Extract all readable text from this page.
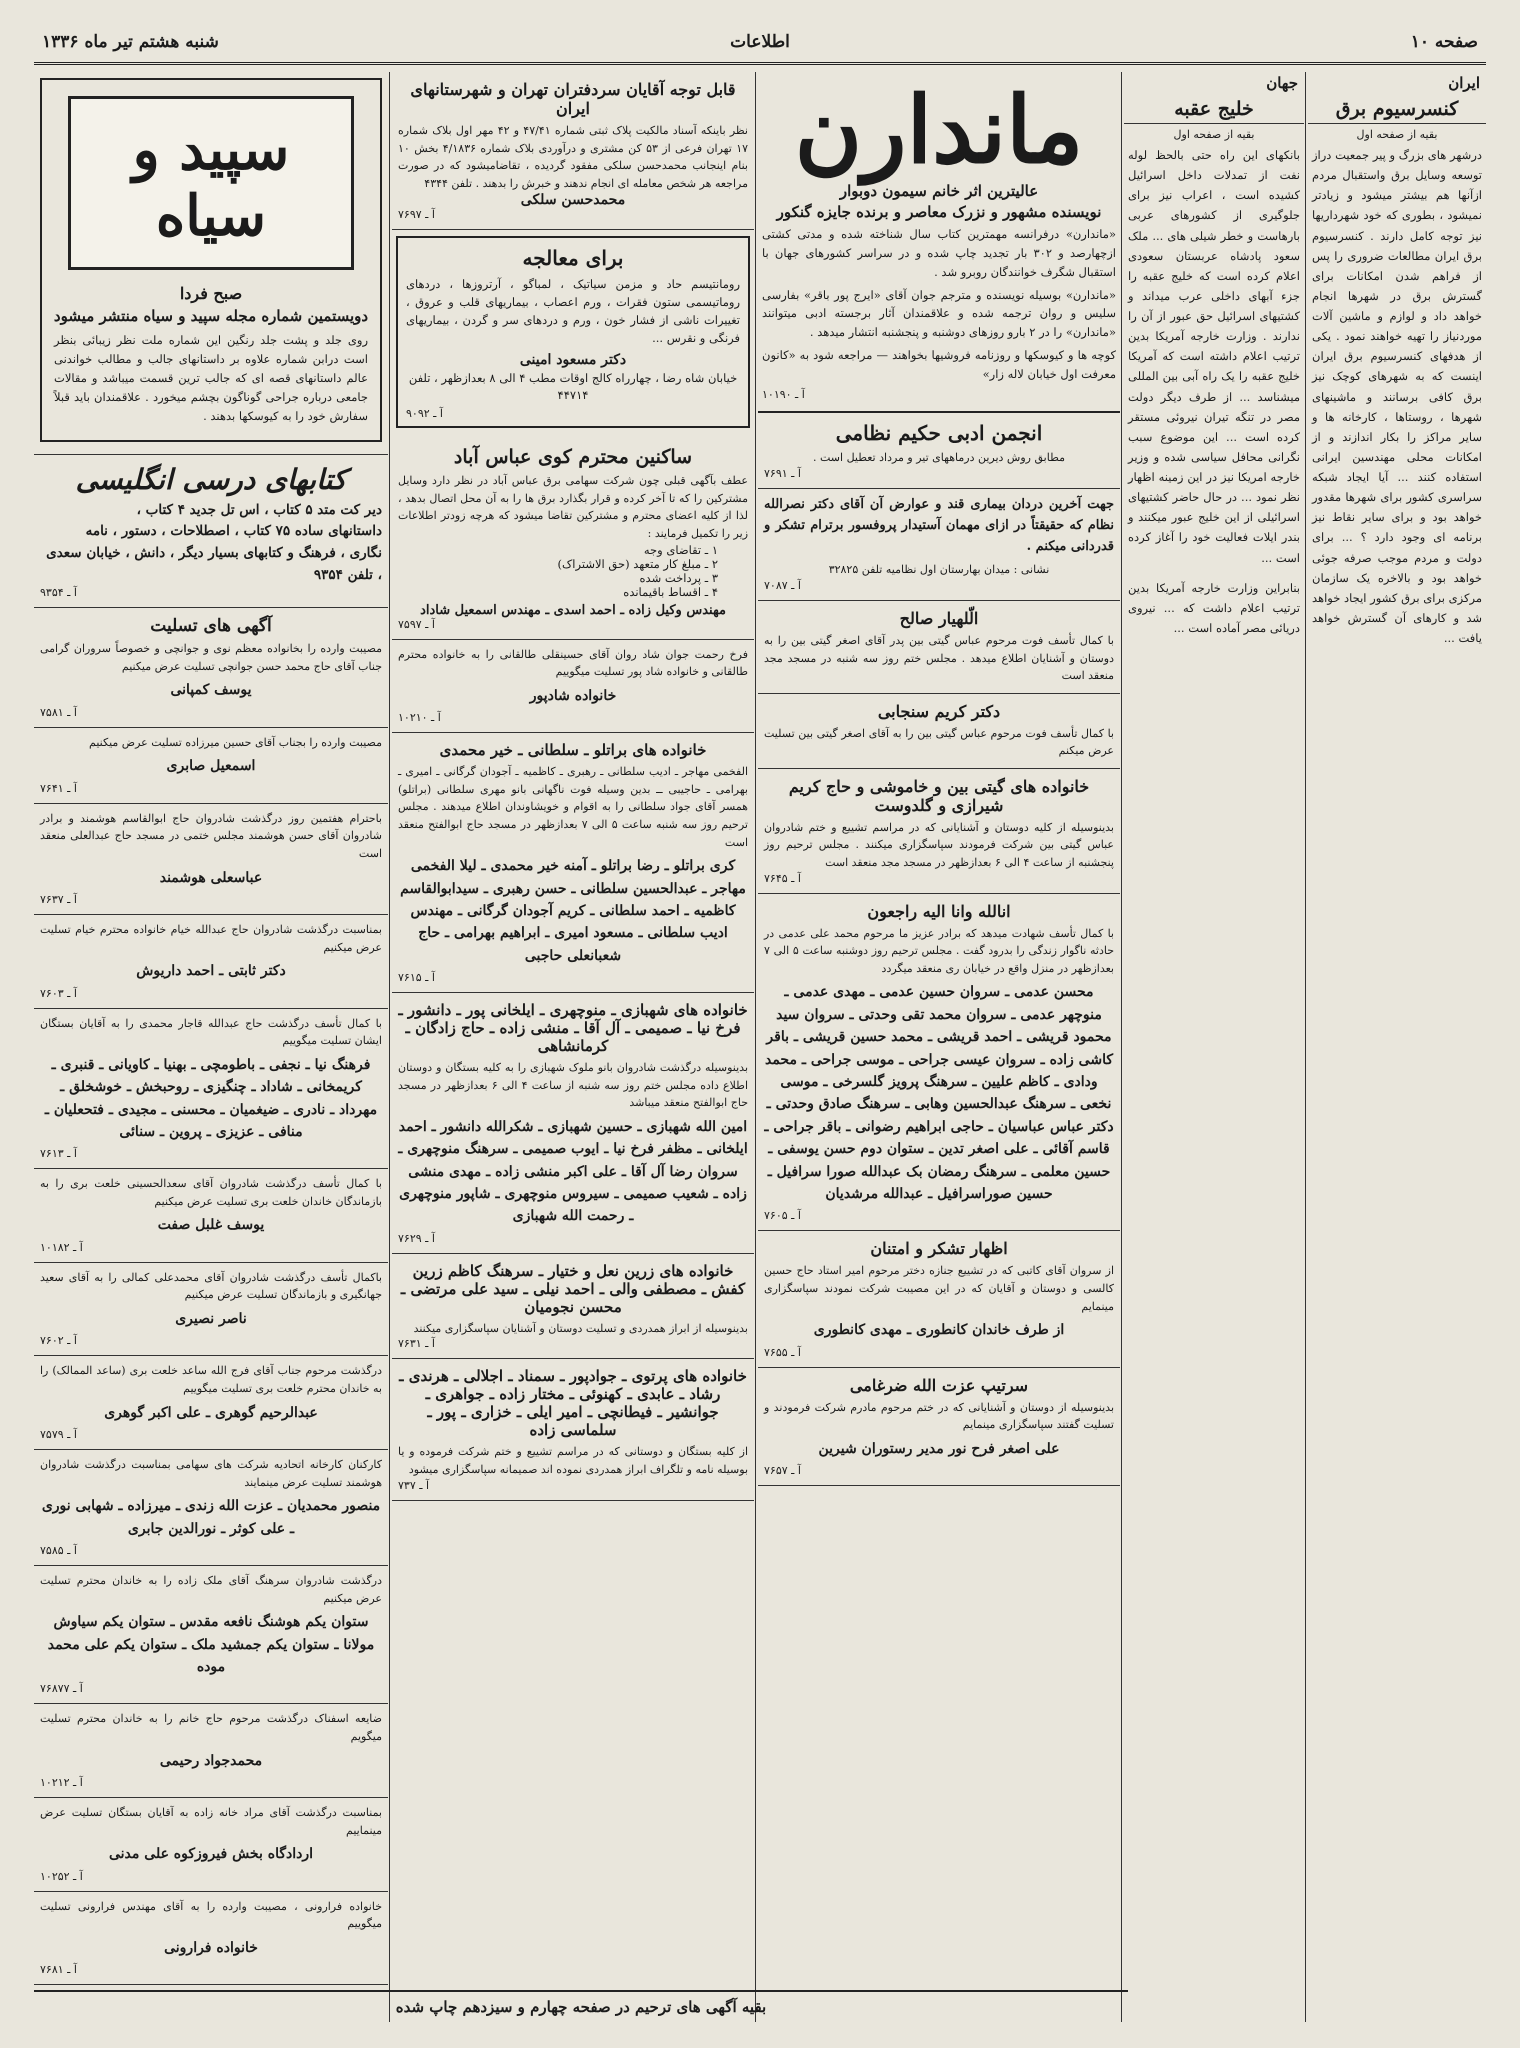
صفحه ۱۰
اطلاعات
شنبه هشتم تیر ماه ۱۳۳۶
ایران
کنسرسیوم برق
بقیه از صفحه اول

درشهر های بزرگ و پیر جمعیت دراز توسعه وسایل برق واستقبال مردم ازآنها هم بیشتر میشود و زیادتر نمیشود ، بطوری که خود شهرداریها نیز توجه کامل دارند . کنسرسیوم برق ایران مطالعات ضروری را پس از فراهم شدن امکانات برای گسترش برق در شهرها انجام خواهد داد و لوازم و ماشین آلات موردنیاز را تهیه خواهند نمود . یکی از هدفهای کنسرسیوم برق ایران اینست که به شهرهای کوچک نیز برق کافی برسانند و ماشینهای شهرها ، روستاها ، کارخانه ها و سایر مراکز را بکار اندازند و از امکانات محلی مهندسین ایرانی استفاده کنند ... آیا ایجاد شبکه سراسری کشور برای شهرها مقدور خواهد بود و برای سایر نقاط نیز برنامه ای وجود دارد ؟ ... برای دولت و مردم موجب صرفه جوئی خواهد بود و بالاخره یک سازمان مرکزی برای برق کشور ایجاد خواهد شد و کارهای آن گسترش خواهد یافت ...

جهان
خلیج عقبه
بقیه از صفحه اول

بانکهای این راه حتی بالحظ لوله نفت از تمدلات داخل اسرائیل کشیده است ، اعراب نیز برای جلوگیری از کشورهای عربی بارهاست و خطر شیلی های ... ملک سعود پادشاه عربستان سعودی اعلام کرده است که خلیج عقبه را جزء آبهای داخلی عرب میداند و کشتیهای اسرائیل حق عبور از آن را ندارند . وزارت خارجه آمریکا بدین ترتیب اعلام داشته است که آمریکا خلیج عقبه را یک راه آبی بین المللی میشناسد ... از طرف دیگر دولت مصر در تنگه تیران نیروئی مستقر کرده است ... این موضوع سبب نگرانی محافل سیاسی شده و وزیر خارجه امریکا نیز در این زمینه اظهار نظر نمود ... در حال حاضر کشتیهای اسرائیلی از این خلیج عبور میکنند و بندر ایلات فعالیت خود را آغاز کرده است ...

بنابراین وزارت خارجه آمریکا بدین ترتیب اعلام داشت که ... نیروی دریائی مصر آماده است ...

ماندارن
عالیترین اثر خانم سیمون دوبوار
نویسنده مشهور و نزرک معاصر و برنده جایزه گنکور

«ماندارن» درفرانسه مهمترین کتاب سال شناخته شده و مدتی کشتی ازچهارصد و ۳۰۲ بار تجدید چاپ شده و در سراسر کشورهای جهان با استقبال شگرف خوانندگان روبرو شد .

«ماندارن» بوسیله نویسنده و مترجم جوان آقای «ایرج پور باقر» بفارسی سلیس و روان ترجمه شده و علاقمندان آثار برجسته ادبی میتوانند «ماندارن» را در ۲ بارو روزهای دوشنبه و پنجشنبه انتشار میدهد .

کوچه ها و کیوسکها و روزنامه فروشیها بخواهند — مراجعه شود به «کانون معرفت اول خیابان لاله زار»

آ ـ ۱۰۱۹۰
انجمن ادبی حکیم نظامی

مطابق روش دیرین درماههای تیر و مرداد تعطیل است .

آ ـ ۷۶۹۱

جهت آخرین دردان بیماری قند و عوارض آن آقای دکتر نصرالله نظام که حقیقتاً در ازای مهمان آستیدار پروفسور برترام تشکر و قدردانی میکنم .

نشانی : میدان بهارستان اول نظامیه تلفن ۳۲۸۲۵

آ ـ ۷۰۸۷
الّلهیار صالح

با کمال تأسف فوت مرحوم عباس گیتی بین پدر آقای اصغر گیتی بین را به دوستان و آشنایان اطلاع میدهد . مجلس ختم روز سه شنبه در مسجد مجد منعقد است

دکتر کریم سنجابی

با کمال تأسف فوت مرحوم عباس گیتی بین را به آقای اصغر گیتی بین تسلیت عرض میکنم

خانواده های گیتی بین و خاموشی و حاج کریم شیرازی و گلدوست

بدینوسیله از کلیه دوستان و آشنایانی که در مراسم تشییع و ختم شادروان عباس گیتی بین شرکت فرمودند سپاسگزاری میکنند . مجلس ترحیم روز پنجشنبه از ساعت ۴ الی ۶ بعدازظهر در مسجد مجد منعقد است

آ ـ ۷۶۴۵
انالله وانا الیه راجعون

با کمال تأسف شهادت میدهد که برادر عزیز ما مرحوم محمد علی عدمی در حادثه ناگوار زندگی را بدرود گفت . مجلس ترحیم روز دوشنبه ساعت ۵ الی ۷ بعدازظهر در منزل واقع در خیابان ری منعقد میگردد

محسن عدمی ـ سروان حسین عدمی ـ مهدی عدمی ـ منوچهر عدمی ـ سروان محمد تقی وحدتی ـ سروان سید محمود قریشی ـ احمد قریشی ـ محمد حسین قریشی ـ باقر کاشی زاده ـ سروان عیسی جراحی ـ موسی جراحی ـ محمد ودادی ـ کاظم علیین ـ سرهنگ پرویز گلسرخی ـ موسی نخعی ـ سرهنگ عبدالحسین وهابی ـ سرهنگ صادق وحدتی ـ دکتر عباس عباسیان ـ حاجی ابراهیم رضوانی ـ باقر جراحی ـ قاسم آقائی ـ علی اصغر تدین ـ ستوان دوم حسن یوسفی ـ حسین معلمی ـ سرهنگ رمضان بک عبدالله صورا سرافیل ـ حسین صوراسرافیل ـ عبدالله مرشدیان
آ ـ ۷۶۰۵
اظهار تشکر و امتنان

از سروان آقای کاتبی که در تشییع جنازه دختر مرحوم امیر استاد حاج حسین کالسی و دوستان و آقایان که در این مصیبت شرکت نمودند سپاسگزاری مینمایم

از طرف خاندان کانطوری ـ مهدی کانطوری
آ ـ ۷۶۵۵
سرتیپ عزت الله ضرغامی

بدینوسیله از دوستان و آشنایانی که در ختم مرحوم مادرم شرکت فرمودند و تسلیت گفتند سپاسگزاری مینمایم

علی اصغر فرح نور مدیر رستوران شیرین
آ ـ ۷۶۵۷
قابل توجه آقایان سردفتران تهران و شهرستانهای ایران

نظر باینکه آسناد مالکیت پلاک ثبتی شماره ۴۷/۴۱ و ۴۲ مهر اول بلاک شماره ۱۷ تهران فرعی از ۵۳ کن مشتری و درآوردی بلاک شماره ۴/۱۸۳۶ بخش ۱۰ بنام اینجانب محمدحسن سلکی مفقود گردیده ، تقاضامیشود که در صورت مراجعه هر شخص معامله ای انجام ندهند و خبرش را بدهند . تلفن ۴۳۴۴

محمدحسن سلکی
آ ـ ۷۶۹۷
برای معالجه

رومانتیسم حاد و مزمن سیاتیک ، لمباگو ، آرتروزها ، دردهای روماتیسمی ستون فقرات ، ورم اعصاب ، بیماریهای قلب و عروق ، تغییرات ناشی از فشار خون ، ورم و دردهای سر و گردن ، بیماریهای فرنگی و نقرس ...

دکتر مسعود امینی

خیابان شاه رضا ، چهارراه کالج اوقات مطب ۴ الی ۸ بعدازظهر ، تلفن ۴۴۷۱۴

آ ـ ۹۰۹۲
ساکنین محترم کوی عباس آباد

عطف بآگهی قبلی چون شرکت سهامی برق عباس آباد در نظر دارد وسایل مشترکین را که تا آخر کرده و قرار بگذارد برق ها را به آن محل اتصال بدهد ، لذا از کلیه اعضای محترم و مشترکین تقاضا میشود که هرچه زودتر اطلاعات زیر را تکمیل فرمایند :

۱ ـ تقاضای وجه
۲ ـ مبلغ کار متعهد (حق الاشتراک)
۳ ـ پرداخت شده
۴ ـ اقساط باقیمانده
مهندس وکیل زاده ـ احمد اسدی ـ مهندس اسمعیل شاداد
آ ـ ۷۵۹۷

فرخ رحمت جوان شاد روان آقای حسینقلی طالقانی را به خانواده محترم طالقانی و خانواده شاد پور تسلیت میگوییم

خانواده شادپور
آ ـ ۱۰۲۱۰
خانواده های براتلو ـ سلطانی ـ خیر محمدی

الفخمی مهاجر ـ ادیب سلطانی ـ رهبری ـ کاظمیه ـ آجودان گرگانی ـ امیری ـ بهرامی ـ حاجیبی ــ بدین وسیله فوت ناگهانی بانو مهری سلطانی (براتلو) همسر آقای جواد سلطانی را به اقوام و خویشاوندان اطلاع میدهند . مجلس ترحیم روز سه شنبه ساعت ۵ الی ۷ بعدازظهر در مسجد حاج ابوالفتح منعقد است

کری براتلو ـ رضا براتلو ـ آمنه خیر محمدی ـ لیلا الفخمی مهاجر ـ عبدالحسین سلطانی ـ حسن رهبری ـ سیدابوالقاسم کاظمیه ـ احمد سلطانی ـ کریم آجودان گرگانی ـ مهندس ادیب سلطانی ـ مسعود امیری ـ ابراهیم بهرامی ـ حاج شعبانعلی حاجبی
آ ـ ۷۶۱۵
خانواده های شهبازی ـ منوچهری ـ ایلخانی پور ـ دانشور ـ فرخ نیا ـ صمیمی ـ آل آقا ـ منشی زاده ـ حاج زادگان ـ کرمانشاهی

بدینوسیله درگذشت شادروان بانو ملوک شهبازی را به کلیه بستگان و دوستان اطلاع داده مجلس ختم روز سه شنبه از ساعت ۴ الی ۶ بعدازظهر در مسجد حاج ابوالفتح منعقد میباشد

امین الله شهبازی ـ حسین شهبازی ـ شکرالله دانشور ـ احمد ایلخانی ـ مظفر فرخ نیا ـ ایوب صمیمی ـ سرهنگ منوچهری ـ سروان رضا آل آقا ـ علی اکبر منشی زاده ـ مهدی منشی زاده ـ شعیب صمیمی ـ سیروس منوچهری ـ شاپور منوچهری ـ رحمت الله شهبازی
آ ـ ۷۶۲۹
خانواده های زرین نعل و ختیار ـ سرهنگ کاظم زرین کفش ـ مصطفی والی ـ احمد نیلی ـ سید علی مرتضی ـ محسن نجومیان

بدینوسیله از ابراز همدردی و تسلیت دوستان و آشنایان سپاسگزاری میکنند

آ ـ ۷۶۳۱
خانواده های پرتوی ـ جوادپور ـ سمناد ـ اجلالی ـ هرندی ـ رشاد ـ عابدی ـ کهنوئی ـ مختار زاده ـ جواهری ـ جوانشیر ـ فیطانچی ـ امیر ایلی ـ خزاری ـ پور ـ سلماسی زاده

از کلیه بستگان و دوستانی که در مراسم تشییع و ختم شرکت فرموده و یا بوسیله نامه و تلگراف ابراز همدردی نموده اند صمیمانه سپاسگزاری میشود

آ ـ ۷۳۷
سپید و سیاه
صبح فردا
دویستمین شماره مجله سپید و سیاه منتشر میشود

روی جلد و پشت جلد رنگین این شماره ملت نظر زیبائی بنظر است درابن شماره علاوه بر داستانهای جالب و مطالب خواندنی عالم داستانهای قصه ای که جالب ترین قسمت میباشد و مقالات جامعی درباره جراحی گوناگون بچشم میخورد . علاقمندان باید قبلاً سفارش خود را به کیوسکها بدهند .

کتابهای درسی انگلیسی
دیر کت متد ۵ کتاب ، اس تل جدید ۴ کتاب ،
داستانهای ساده ۷۵ کتاب ، اصطلاحات ، دستور ، نامه
نگاری ، فرهنگ و کتابهای بسیار دیگر ، دانش ، خیابان سعدی ، تلفن ۹۳۵۴
آ ـ ۹۳۵۴
آگهی های تسلیت

مصیبت وارده را بخانواده معظم نوی و جوانچی و خصوصاً سروران گرامی جناب آقای حاج محمد حسن جوانچی تسلیت عرض میکنیم

یوسف کمپانی
آ ـ ۷۵۸۱

مصیبت وارده را بجناب آقای حسین میرزاده تسلیت عرض میکنیم

اسمعیل صابری
آ ـ ۷۶۴۱

باحترام هفتمین روز درگذشت شادروان حاج ابوالقاسم هوشمند و برادر شادروان آقای حسن هوشمند مجلس ختمی در مسجد حاج عبدالعلی منعقد است

عباسعلی هوشمند
آ ـ ۷۶۳۷

بمناسبت درگذشت شادروان حاج عبدالله خیام خانواده محترم خیام تسلیت عرض میکنیم

دکتر ثابتی ـ احمد داریوش
آ ـ ۷۶۰۳

با کمال تأسف درگذشت حاج عبدالله قاجار محمدی را به آقایان بستگان ایشان تسلیت میگوییم

فرهنگ نیا ـ نجفی ـ باطومچی ـ بهنیا ـ کاویانی ـ قنبری ـ کریمخانی ـ شاداد ـ چنگیزی ـ روحبخش ـ خوشخلق ـ مهرداد ـ نادری ـ ضیغمیان ـ محسنی ـ مجیدی ـ فتحعلیان ـ منافی ـ عزیزی ـ پروین ـ سنائی
آ ـ ۷۶۱۳

با کمال تأسف درگذشت شادروان آقای سعدالحسینی خلعت بری را به بازماندگان خاندان خلعت بری تسلیت عرض میکنیم

یوسف غلبل صفت
آ ـ ۱۰۱۸۲

باکمال تأسف درگذشت شادروان آقای محمدعلی کمالی را به آقای سعید جهانگیری و بازماندگان تسلیت عرض میکنیم

ناصر نصیری
آ ـ ۷۶۰۲

درگذشت مرحوم جناب آقای فرج الله ساعد خلعت بری (ساعد الممالک) را به خاندان محترم خلعت بری تسلیت میگوییم

عبدالرحیم گوهری ـ علی اکبر گوهری
آ ـ ۷۵۷۹

کارکنان کارخانه اتحادیه شرکت های سهامی بمناسبت درگذشت شادروان هوشمند تسلیت عرض مینمایند

منصور محمدیان ـ عزت الله زندی ـ میرزاده ـ شهابی نوری ـ علی کوثر ـ نورالدین جابری
آ ـ ۷۵۸۵

درگذشت شادروان سرهنگ آقای ملک زاده را به خاندان محترم تسلیت عرض میکنیم

ستوان یکم هوشنگ نافعه مقدس ـ ستوان یکم سیاوش مولانا ـ ستوان یکم جمشید ملک ـ ستوان یکم علی محمد موده
آ ـ ۷۶۸۷۷

ضایعه اسفناک درگذشت مرحوم حاج خانم را به خاندان محترم تسلیت میگویم

محمدجواد رحیمی
آ ـ ۱۰۲۱۲

بمناسبت درگذشت آقای مراد خانه زاده به آقایان بستگان تسلیت عرض مینماییم

اردادگاه بخش فیروزکوه علی مدنی
آ ـ ۱۰۲۵۲

خانواده فرارونی ، مصیبت وارده را به آقای مهندس فرارونی تسلیت میگوییم

خانواده فرارونی
آ ـ ۷۶۸۱
بقیه آگهی های ترحیم در صفحه چهارم و سیزدهم چاپ شده
